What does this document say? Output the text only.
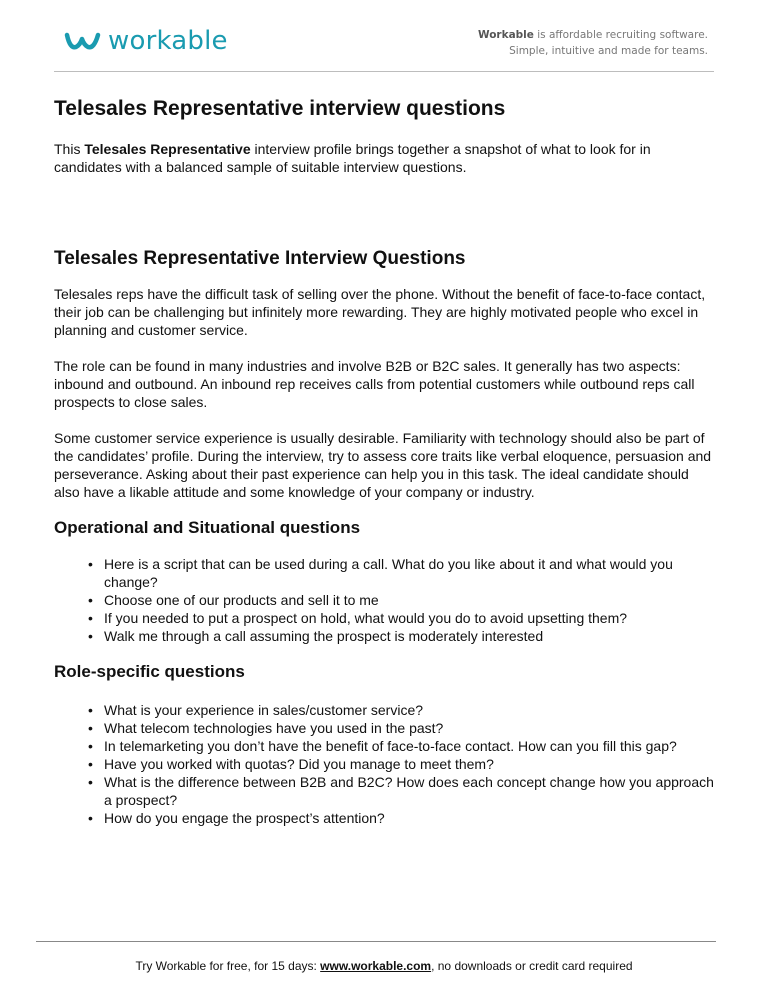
workable	Workable is affordable recruiting software.
Simple, intuitive and made for teams.
Telesales Representative interview questions

This Telesales Representative interview profile brings together a snapshot of what to look for in candidates with a balanced sample of suitable interview questions.

Telesales Representative Interview Questions

Telesales reps have the difficult task of selling over the phone. Without the benefit of face-to-face contact, their job can be challenging but infinitely more rewarding. They are highly motivated people who excel in planning and customer service.

The role can be found in many industries and involve B2B or B2C sales. It generally has two aspects: inbound and outbound. An inbound rep receives calls from potential customers while outbound reps call prospects to close sales.

Some customer service experience is usually desirable. Familiarity with technology should also be part of the candidates’ profile. During the interview, try to assess core traits like verbal eloquence, persuasion and perseverance. Asking about their past experience can help you in this task. The ideal candidate should also have a likable attitude and some knowledge of your company or industry.

Operational and Situational questions
• Here is a script that can be used during a call. What do you like about it and what would you change?
• Choose one of our products and sell it to me
• If you needed to put a prospect on hold, what would you do to avoid upsetting them?
• Walk me through a call assuming the prospect is moderately interested
Role-specific questions
• What is your experience in sales/customer service?
• What telecom technologies have you used in the past?
• In telemarketing you don’t have the benefit of face-to-face contact. How can you fill this gap?
• Have you worked with quotas? Did you manage to meet them?
• What is the difference between B2B and B2C? How does each concept change how you approach a prospect?
• How do you engage the prospect’s attention?
Try Workable for free, for 15 days: www.workable.com, no downloads or credit card required
